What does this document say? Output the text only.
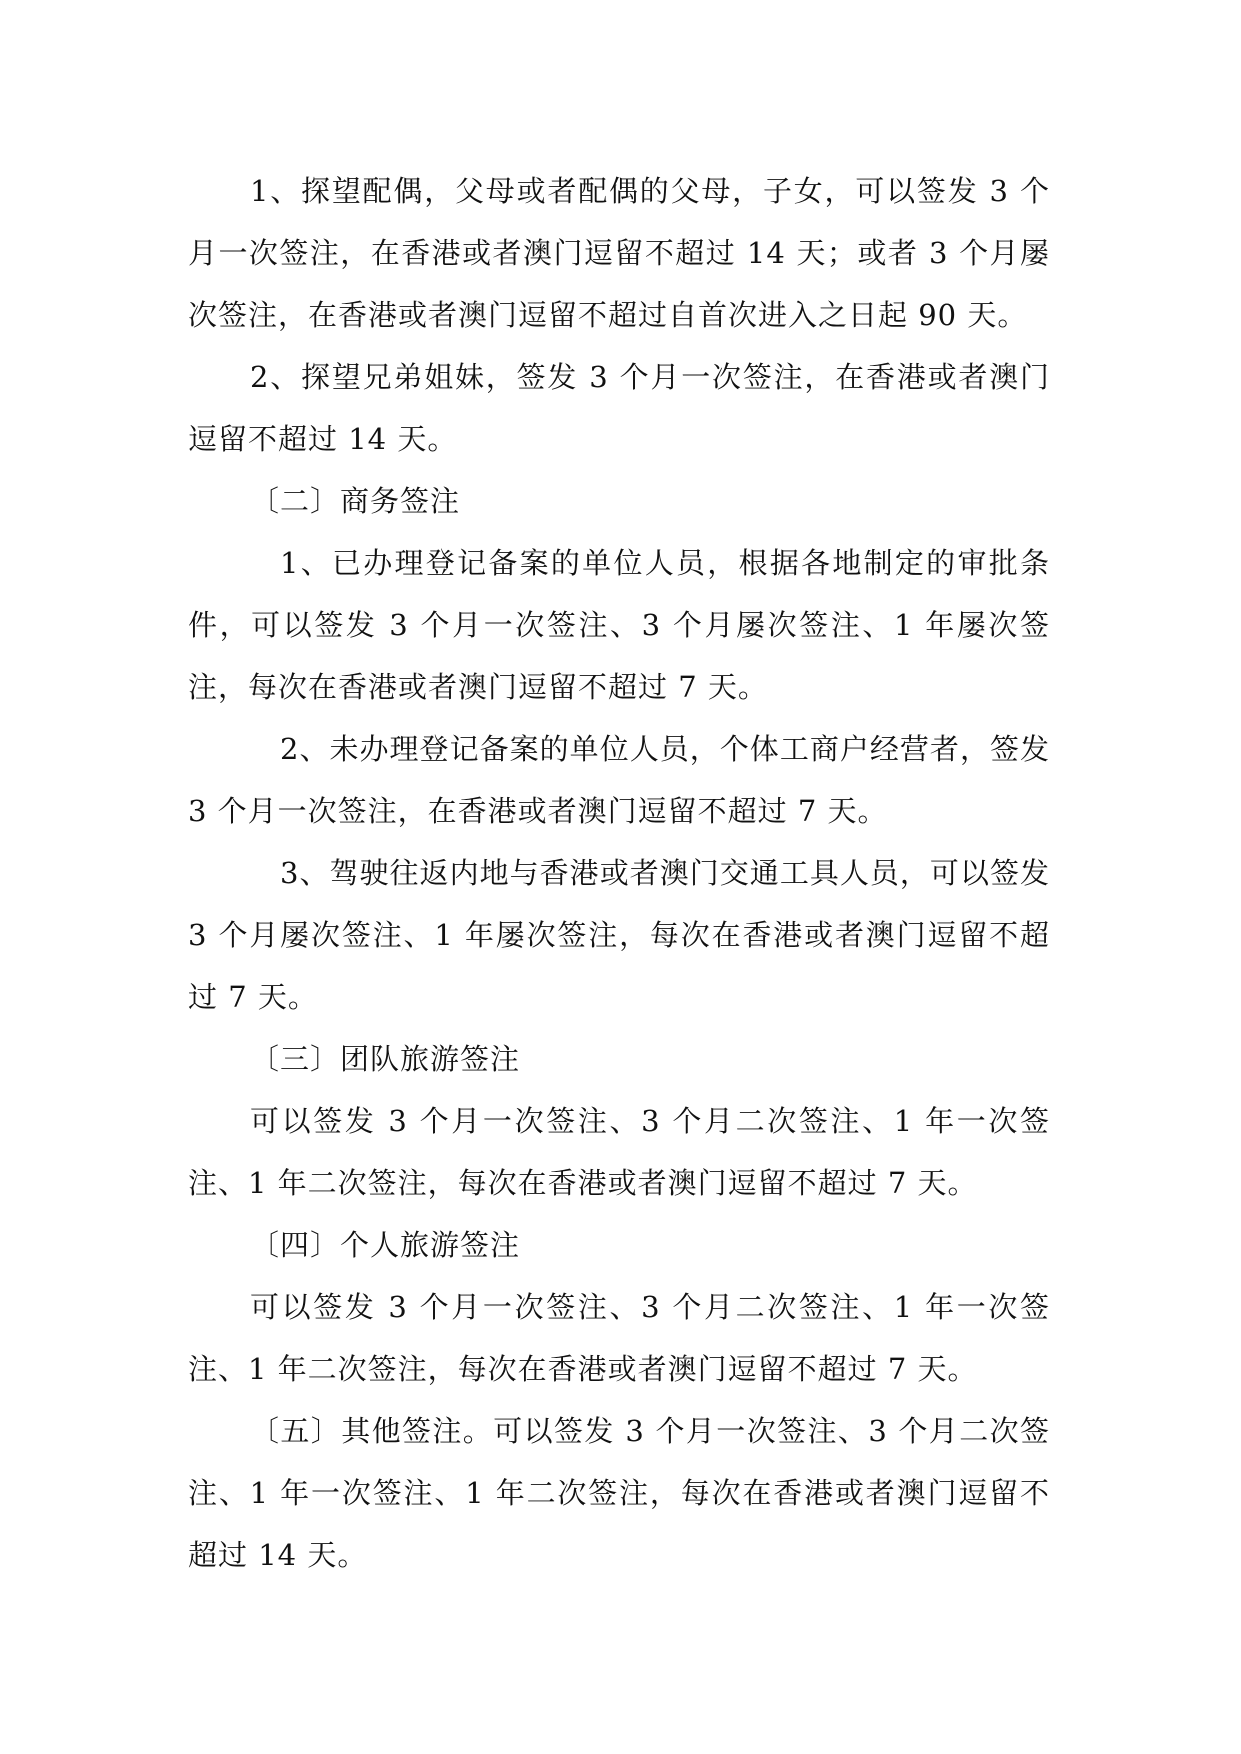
1、探望配偶，父母或者配偶的父母，子女，可以签发 3 个月一次签注，在香港或者澳门逗留不超过 14 天；或者 3 个月屡次签注，在香港或者澳门逗留不超过自首次进入之日起 90 天。

2、探望兄弟姐妹，签发 3 个月一次签注，在香港或者澳门逗留不超过 14 天。

〔二〕商务签注

1、已办理登记备案的单位人员，根据各地制定的审批条件，可以签发 3 个月一次签注、3 个月屡次签注、1 年屡次签注，每次在香港或者澳门逗留不超过 7 天。

2、未办理登记备案的单位人员，个体工商户经营者，签发 3 个月一次签注，在香港或者澳门逗留不超过 7 天。

3、驾驶往返内地与香港或者澳门交通工具人员，可以签发 3 个月屡次签注、1 年屡次签注，每次在香港或者澳门逗留不超过 7 天。

〔三〕团队旅游签注

可以签发 3 个月一次签注、3 个月二次签注、1 年一次签注、1 年二次签注，每次在香港或者澳门逗留不超过 7 天。

〔四〕个人旅游签注

可以签发 3 个月一次签注、3 个月二次签注、1 年一次签注、1 年二次签注，每次在香港或者澳门逗留不超过 7 天。

〔五〕其他签注。可以签发 3 个月一次签注、3 个月二次签注、1 年一次签注、1 年二次签注，每次在香港或者澳门逗留不超过 14 天。
